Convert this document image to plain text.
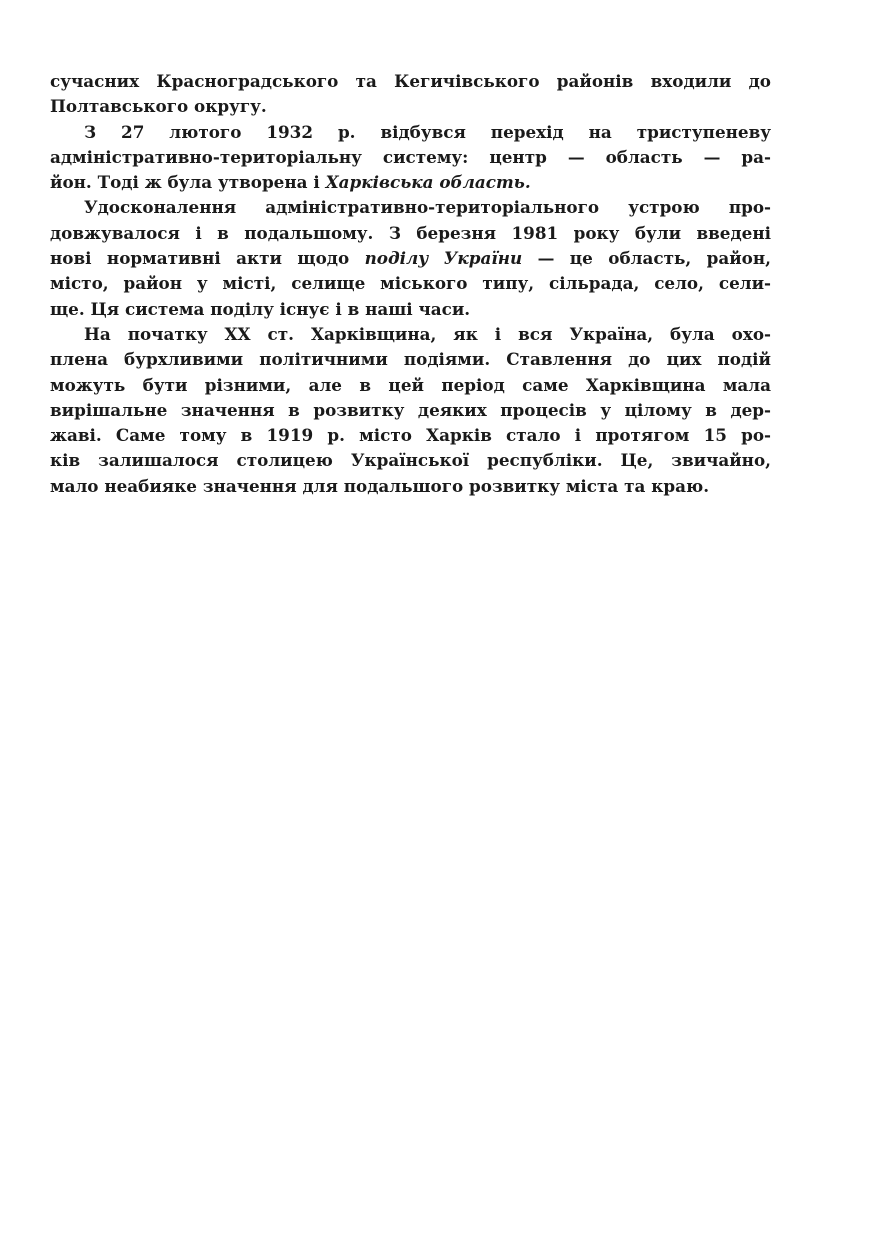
сучасних Красноградського та Кегичівського районів входили до
Полтавського округу.

З 27 лютого 1932 р. відбувся перехід на триступеневу
адміністративно-територіальну систему: центр — область — ра-
йон. Тоді ж була утворена і Харківська область.

Удосконалення адміністративно-територіального устрою про-
довжувалося і в подальшому. З березня 1981 року були введені
нові нормативні акти щодо поділу України — це область, район,
місто, район у місті, селище міського типу, сільрада, село, сели-
ще. Ця система поділу існує і в наші часи.

На початку XX ст. Харківщина, як і вся Україна, була охо-
плена бурхливими політичними подіями. Ставлення до цих подій
можуть бути різними, але в цей період саме Харківщина мала
вирішальне значення в розвитку деяких процесів у цілому в дер-
жаві. Саме тому в 1919 р. місто Харків стало і протягом 15 ро-
ків залишалося столицею Української республіки. Це, звичайно,
мало неабияке значення для подальшого розвитку міста та краю.
